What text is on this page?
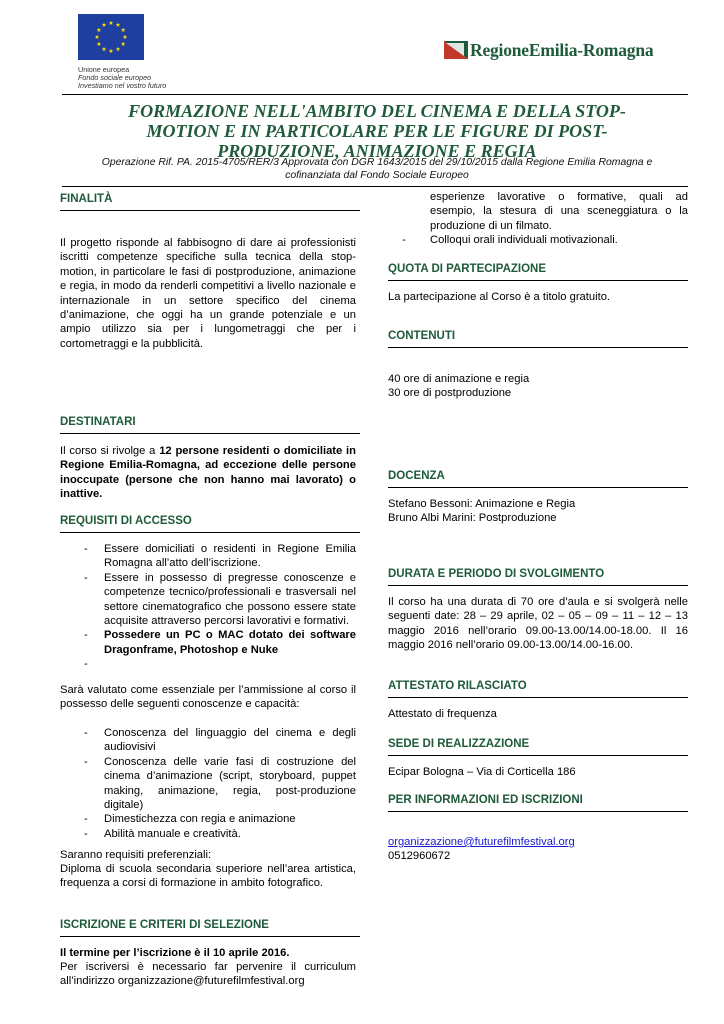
Unione europea
Fondo sociale europeo
Investiamo nel vostro futuro
RegioneEmilia-Romagna
FORMAZIONE NELL'AMBITO DEL CINEMA E DELLA STOP-
MOTION E IN PARTICOLARE PER LE FIGURE DI POST-
PRODUZIONE, ANIMAZIONE E REGIA
Operazione Rif. PA. 2015-4705/RER/3 Approvata con DGR 1643/2015 del 29/10/2015 dalla Regione Emilia Romagna e
cofinanziata dal Fondo Sociale Europeo
FINALITÀ
Il progetto risponde al fabbisogno di dare ai professionisti iscritti competenze specifiche sulla tecnica della stop-motion, in particolare le fasi di postproduzione, animazione e regia, in modo da renderli competitivi a livello nazionale e internazionale in un settore specifico del cinema d’animazione, che oggi ha un grande potenziale e un ampio utilizzo sia per i lungometraggi che per i cortometraggi e la pubblicità.
DESTINATARI
Il corso si rivolge a 12 persone residenti o domiciliate in Regione Emilia-Romagna, ad eccezione delle persone inoccupate (persone che non hanno mai lavorato) o inattive.
REQUISITI DI ACCESSO
- Essere domiciliati o residenti in Regione Emilia Romagna all’atto dell’iscrizione.
- Essere in possesso di pregresse conoscenze e competenze tecnico/professionali e trasversali nel settore cinematografico che possono essere state acquisite attraverso percorsi lavorativi e formativi.
- Possedere un PC o MAC dotato dei software Dragonframe, Photoshop e Nuke
-
Sarà valutato come essenziale per l’ammissione al corso il possesso delle seguenti conoscenze e capacità:
- Conoscenza del linguaggio del cinema e degli audiovisivi
- Conoscenza delle varie fasi di costruzione del cinema d’animazione (script, storyboard, puppet making, animazione, regia, post-produzione digitale)
- Dimestichezza con regia e animazione
- Abilità manuale e creatività.
Saranno requisiti preferenziali:
Diploma di scuola secondaria superiore nell’area artistica, frequenza a corsi di formazione in ambito fotografico.
ISCRIZIONE E CRITERI DI SELEZIONE
Il termine per l’iscrizione è il 10 aprile 2016.
Per iscriversi è necessario far pervenire il curriculum all’indirizzo organizzazione@futurefilmfestival.org
esperienze lavorative o formative, quali ad esempio, la stesura di una sceneggiatura o la produzione di un filmato.
- Colloqui orali individuali motivazionali.
QUOTA DI PARTECIPAZIONE
La partecipazione al Corso è a titolo gratuito.
CONTENUTI
40 ore di animazione e regia
30 ore di postproduzione
DOCENZA
Stefano Bessoni: Animazione e Regia
Bruno Albi Marini: Postproduzione
DURATA E PERIODO DI SVOLGIMENTO
Il corso ha una durata di 70 ore d’aula e si svolgerà nelle seguenti date: 28 – 29 aprile, 02 – 05 – 09 – 11 – 12 – 13 maggio 2016 nell’orario 09.00-13.00/14.00-18.00. Il 16 maggio 2016 nell’orario 09.00-13.00/14.00-16.00.
ATTESTATO RILASCIATO
Attestato di frequenza
SEDE DI REALIZZAZIONE
Ecipar Bologna – Via di Corticella 186
PER INFORMAZIONI ED ISCRIZIONI
organizzazione@futurefilmfestival.org
0512960672
